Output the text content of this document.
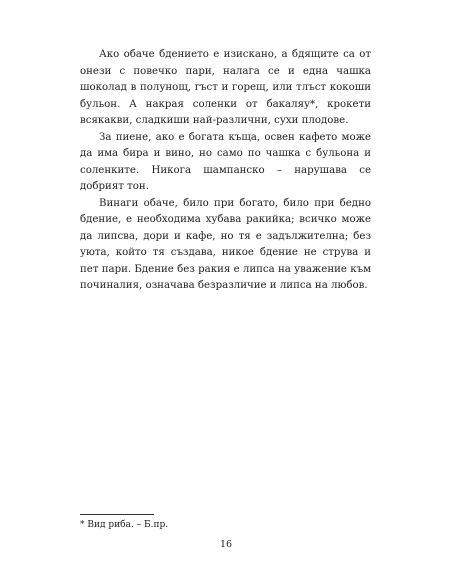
Ако обаче бдението е изискано, а бдящите са от онези с повечко пари, налага се и една чашка шоколад в полунощ, гъст и горещ, или тлъст кокоши бульон. А накрая соленки от бакаляу*, крокети всякакви, сладкиши най-различни, сухи плодове.

За пиене, ако е богата къща, освен кафето може да има бира и вино, но само по чашка с бульона и соленките. Никога шампанско – нарушава се добрият тон.

Винаги обаче, било при богато, било при бедно бдение, е необходима хубава ракийка; всичко може да липсва, дори и кафе, но тя е задължителна; без уюта, който тя създава, никое бдение не струва и пет пари. Бдение без ракия е липса на уважение към починалия, означава безразличие и липса на любов.

* Вид риба. – Б.пр.
16
